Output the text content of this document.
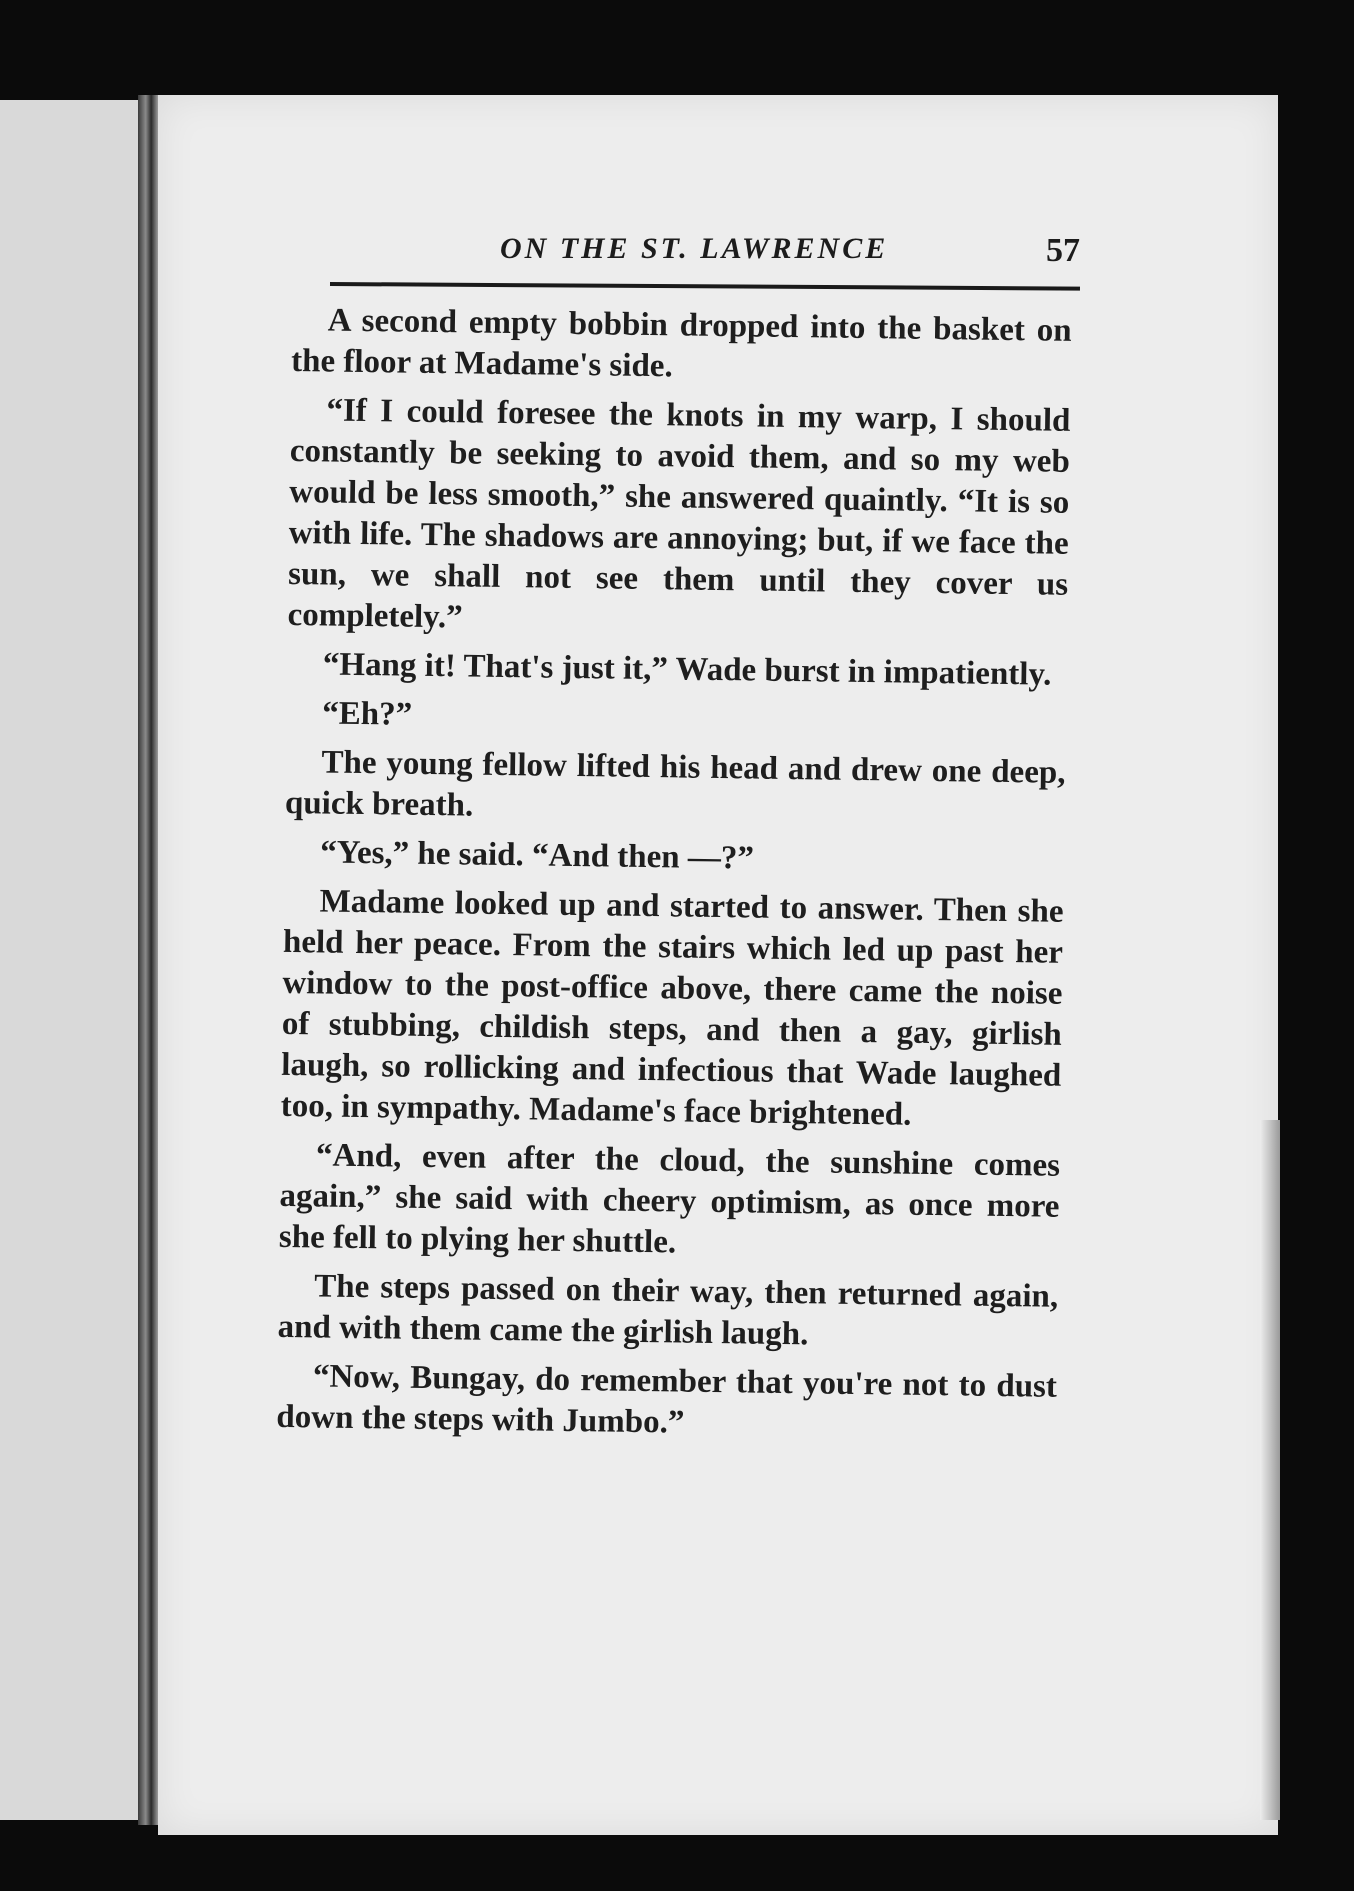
ON THE ST. LAWRENCE	57

A second empty bobbin dropped into the basket on the floor at Madame's side.

“If I could foresee the knots in my warp, I should constantly be seeking to avoid them, and so my web would be less smooth,” she answered quaintly. “It is so with life. The shadows are annoying; but, if we face the sun, we shall not see them until they cover us completely.”

“Hang it! That's just it,” Wade burst in impatiently.

“Eh?”

The young fellow lifted his head and drew one deep, quick breath.

“Yes,” he said. “And then —?”

Madame looked up and started to answer. Then she held her peace. From the stairs which led up past her window to the post-office above, there came the noise of stubbing, childish steps, and then a gay, girlish laugh, so rollicking and infectious that Wade laughed too, in sympathy. Madame's face brightened.

“And, even after the cloud, the sunshine comes again,” she said with cheery optimism, as once more she fell to plying her shuttle.

The steps passed on their way, then returned again, and with them came the girlish laugh.

“Now, Bungay, do remember that you're not to dust down the steps with Jumbo.”
